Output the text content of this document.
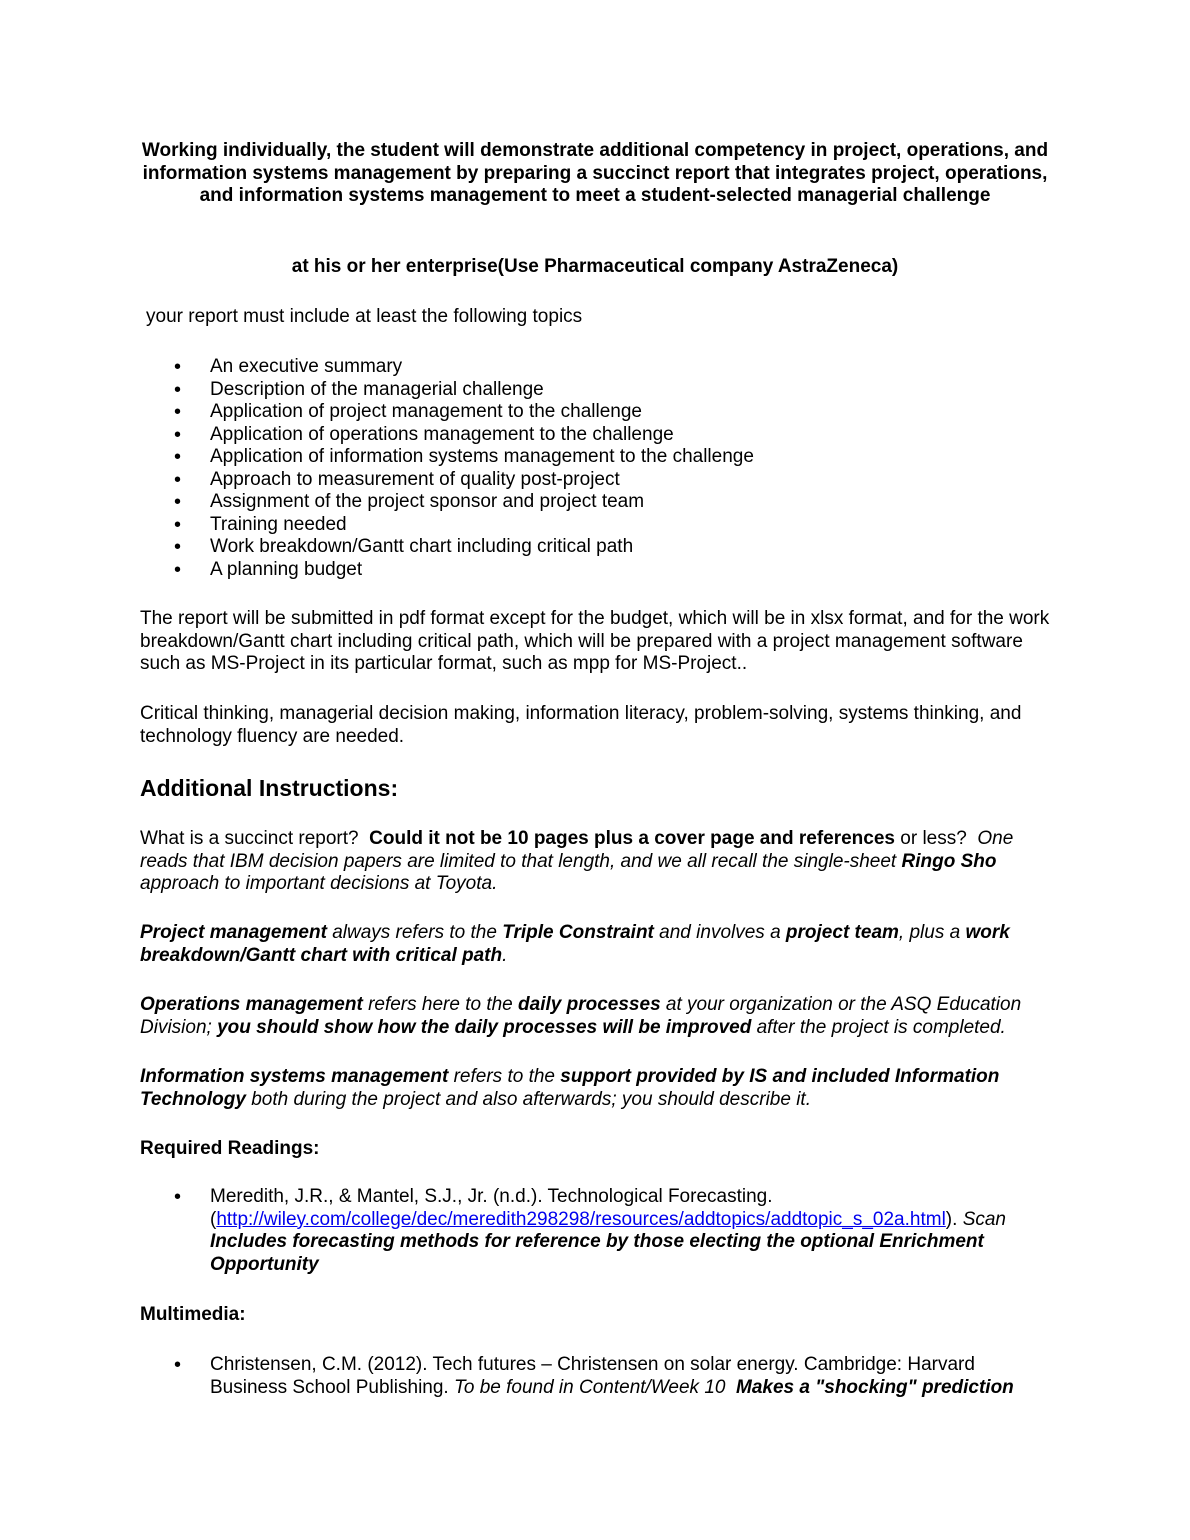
Working individually, the student will demonstrate additional competency in project, operations, and information systems management by preparing a succinct report that integrates project, operations, and information systems management to meet a student-selected managerial challenge
at his or her enterprise(Use Pharmaceutical company AstraZeneca)
your report must include at least the following topics
• An executive summary
• Description of the managerial challenge
• Application of project management to the challenge
• Application of operations management to the challenge
• Application of information systems management to the challenge
• Approach to measurement of quality post-project
• Assignment of the project sponsor and project team
• Training needed
• Work breakdown/Gantt chart including critical path
• A planning budget
The report will be submitted in pdf format except for the budget, which will be in xlsx format, and for the work breakdown/Gantt chart including critical path, which will be prepared with a project management software such as MS-Project in its particular format, such as mpp for MS-Project..
Critical thinking, managerial decision making, information literacy, problem-solving, systems thinking, and technology fluency are needed.
Additional Instructions:
What is a succinct report? Could it not be 10 pages plus a cover page and references or less? One reads that IBM decision papers are limited to that length, and we all recall the single-sheet Ringo Sho approach to important decisions at Toyota.
Project management always refers to the Triple Constraint and involves a project team, plus a work breakdown/Gantt chart with critical path.
Operations management refers here to the daily processes at your organization or the ASQ Education Division; you should show how the daily processes will be improved after the project is completed.
Information systems management refers to the support provided by IS and included Information Technology both during the project and also afterwards; you should describe it.
Required Readings:
• Meredith, J.R., & Mantel, S.J., Jr. (n.d.). Technological Forecasting.
(http://wiley.com/college/dec/meredith298298/resources/addtopics/addtopic_s_02a.html). Scan
Includes forecasting methods for reference by those electing the optional Enrichment Opportunity
Multimedia:
• Christensen, C.M. (2012). Tech futures – Christensen on solar energy. Cambridge: Harvard Business School Publishing. To be found in Content/Week 10 Makes a "shocking" prediction
